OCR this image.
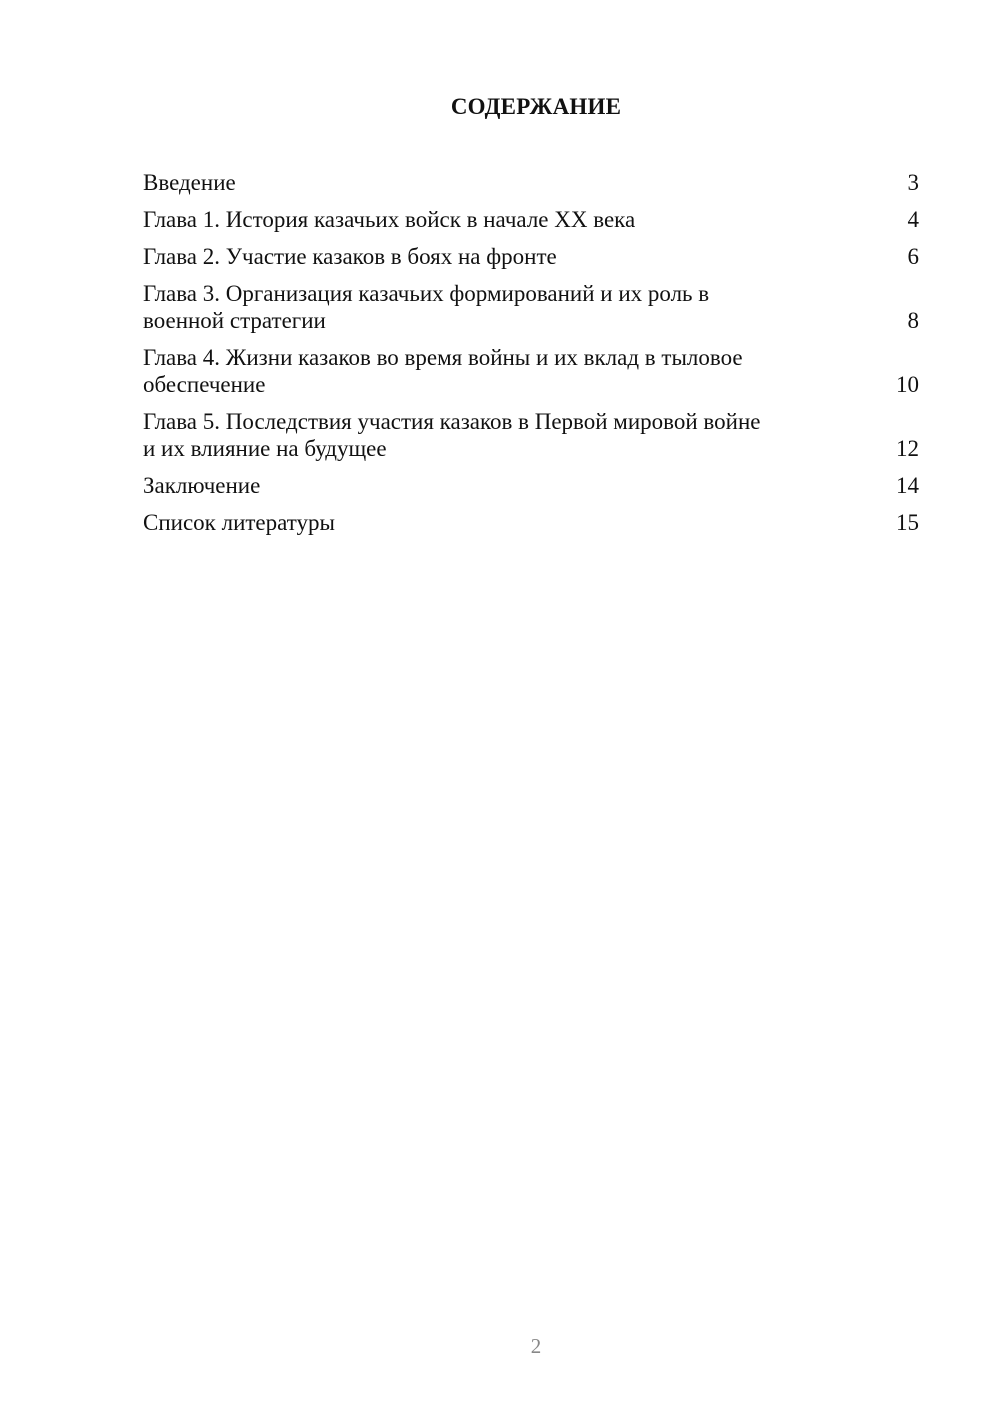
СОДЕРЖАНИЕ
Введение	3
Глава 1. История казачьих войск в начале XX века	4
Глава 2. Участие казаков в боях на фронте	6
Глава 3. Организация казачьих формирований и их роль в
военной стратегии	8
Глава 4. Жизни казаков во время войны и их вклад в тыловое
обеспечение	10
Глава 5. Последствия участия казаков в Первой мировой войне
и их влияние на будущее	12
Заключение	14
Список литературы	15
2
